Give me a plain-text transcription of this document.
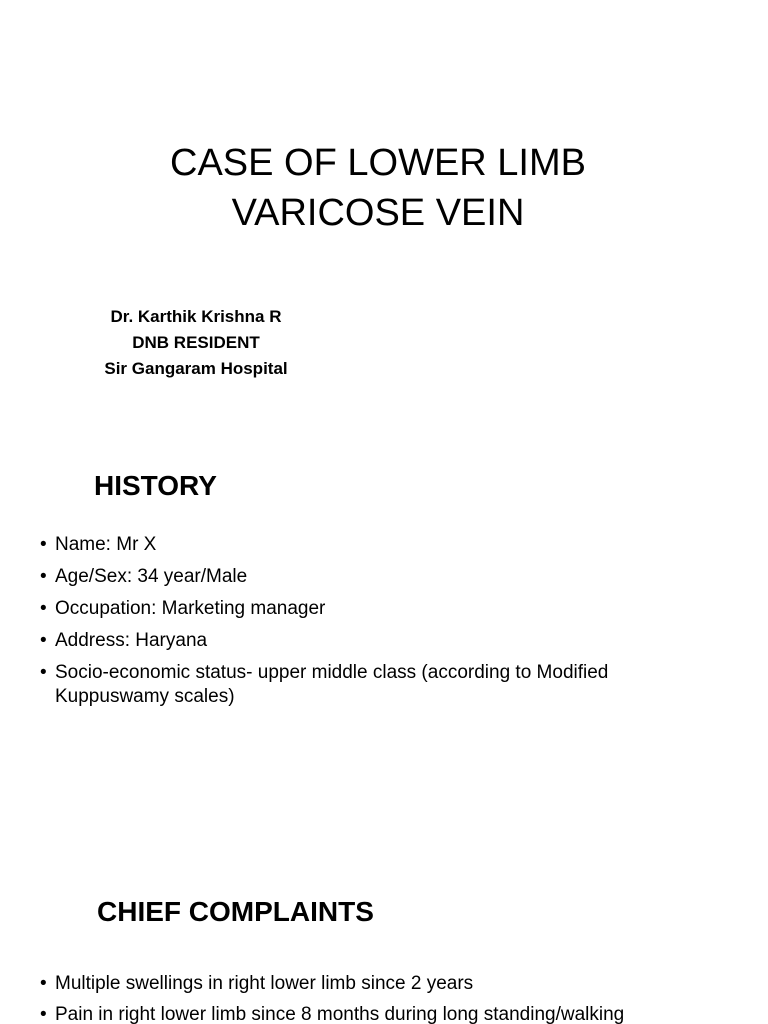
CASE OF LOWER LIMB
VARICOSE VEIN
Dr. Karthik Krishna R
DNB RESIDENT
Sir Gangaram Hospital
HISTORY
• Name: Mr X
• Age/Sex: 34 year/Male
• Occupation: Marketing manager
• Address: Haryana
• Socio-economic status- upper middle class (according to Modified Kuppuswamy scales)
CHIEF COMPLAINTS
• Multiple swellings in right lower limb since 2 years
• Pain in right lower limb since 8 months during long standing/walking
